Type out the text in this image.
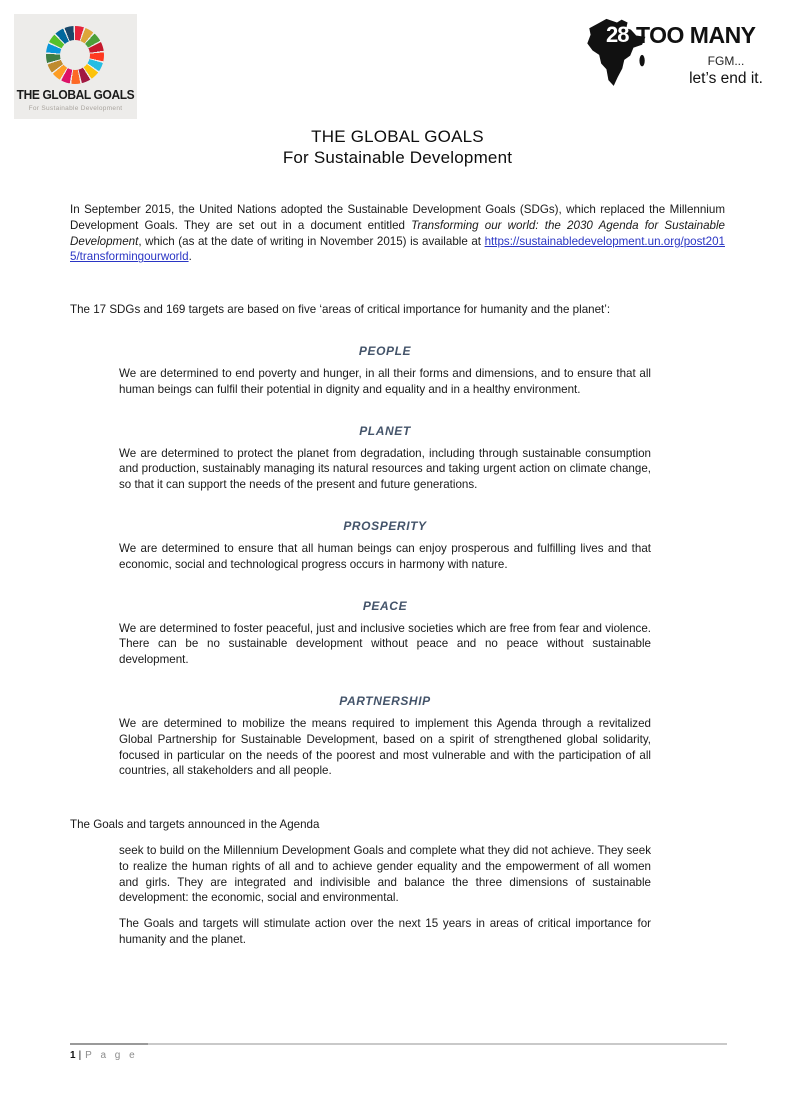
THE GLOBAL GOALS
For Sustainable Development
28 TOO MANY
FGM...
let’s end it.
THE GLOBAL GOALS
For Sustainable Development

In September 2015, the United Nations adopted the Sustainable Development Goals (SDGs), which replaced the Millennium Development Goals. They are set out in a document entitled Transforming our world: the 2030 Agenda for Sustainable Development, which (as at the date of writing in November 2015) is available at https://sustainabledevelopment.un.org/post2015/transformingourworld.

The 17 SDGs and 169 targets are based on five ‘areas of critical importance for humanity and the planet’:

PEOPLE

We are determined to end poverty and hunger, in all their forms and dimensions, and to ensure that all human beings can fulfil their potential in dignity and equality and in a healthy environment.

PLANET

We are determined to protect the planet from degradation, including through sustainable consumption and production, sustainably managing its natural resources and taking urgent action on climate change, so that it can support the needs of the present and future generations.

PROSPERITY

We are determined to ensure that all human beings can enjoy prosperous and fulfilling lives and that economic, social and technological progress occurs in harmony with nature.

PEACE

We are determined to foster peaceful, just and inclusive societies which are free from fear and violence. There can be no sustainable development without peace and no peace without sustainable development.

PARTNERSHIP

We are determined to mobilize the means required to implement this Agenda through a revitalized Global Partnership for Sustainable Development, based on a spirit of strengthened global solidarity, focused in particular on the needs of the poorest and most vulnerable and with the participation of all countries, all stakeholders and all people.

The Goals and targets announced in the Agenda

seek to build on the Millennium Development Goals and complete what they did not achieve. They seek to realize the human rights of all and to achieve gender equality and the empowerment of all women and girls. They are integrated and indivisible and balance the three dimensions of sustainable development: the economic, social and environmental.

The Goals and targets will stimulate action over the next 15 years in areas of critical importance for humanity and the planet.

1 | P a g e
